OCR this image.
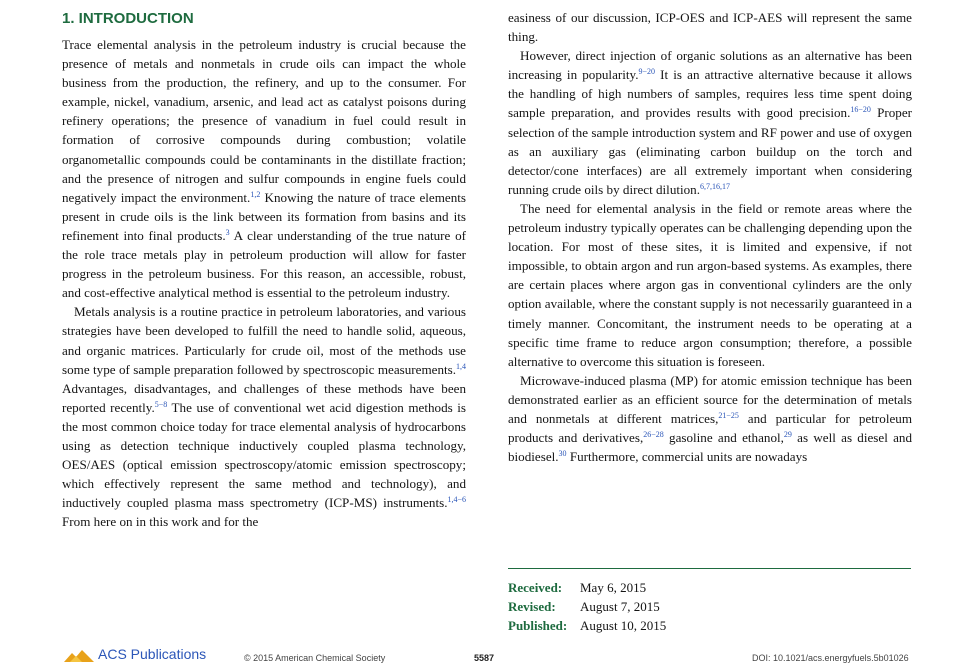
1. INTRODUCTION

Trace elemental analysis in the petroleum industry is crucial because the presence of metals and nonmetals in crude oils can impact the whole business from the production, the refinery, and up to the consumer. For example, nickel, vanadium, arsenic, and lead act as catalyst poisons during refinery operations; the presence of vanadium in fuel could result in formation of corrosive compounds during combustion; volatile organometallic compounds could be contaminants in the distillate fraction; and the presence of nitrogen and sulfur compounds in engine fuels could negatively impact the environment.$^{1,2}$ Knowing the nature of trace elements present in crude oils is the link between its formation from basins and its refinement into final products.$^3$ A clear understanding of the true nature of the role trace metals play in petroleum production will allow for faster progress in the petroleum business. For this reason, an accessible, robust, and cost-effective analytical method is essential to the petroleum industry.

Metals analysis is a routine practice in petroleum laboratories, and various strategies have been developed to fulfill the need to handle solid, aqueous, and organic matrices. Particularly for crude oil, most of the methods use some type of sample preparation followed by spectroscopic measurements.$^{1,4}$ Advantages, disadvantages, and challenges of these methods have been reported recently.$^{5-8}$ The use of conventional wet acid digestion methods is the most common choice today for trace elemental analysis of hydrocarbons using as detection technique inductively coupled plasma technology, OES/AES (optical emission spectroscopy/atomic emission spectroscopy; which effectively represent the same method and technology), and inductively coupled plasma mass spectrometry (ICP-MS) instruments.$^{1,4-6}$ From here on in this work and for the

easiness of our discussion, ICP-OES and ICP-AES will represent the same thing.

However, direct injection of organic solutions as an alternative has been increasing in popularity.$^{9-20}$ It is an attractive alternative because it allows the handling of high numbers of samples, requires less time spent doing sample preparation, and provides results with good precision.$^{16-20}$ Proper selection of the sample introduction system and RF power and use of oxygen as an auxiliary gas (eliminating carbon buildup on the torch and detector/cone interfaces) are all extremely important when considering running crude oils by direct dilution.$^{6,7,16,17}$

The need for elemental analysis in the field or remote areas where the petroleum industry typically operates can be challenging depending upon the location. For most of these sites, it is limited and expensive, if not impossible, to obtain argon and run argon-based systems. As examples, there are certain places where argon gas in conventional cylinders are the only option available, where the constant supply is not necessarily guaranteed in a timely manner. Concomitant, the instrument needs to be operating at a specific time frame to reduce argon consumption; therefore, a possible alternative to overcome this situation is foreseen.

Microwave-induced plasma (MP) for atomic emission technique has been demonstrated earlier as an efficient source for the determination of metals and nonmetals at different matrices,$^{21-25}$ and particular for petroleum products and derivatives,$^{26-28}$ gasoline and ethanol,$^{29}$ as well as diesel and biodiesel.$^{30}$ Furthermore, commercial units are nowadays

Received:	May 6, 2015
Revised:	August 7, 2015
Published: August 10, 2015
ACS Publications	© 2015 American Chemical Society	5587	DOI: 10.1021/acs.energyfuels.5b01026
